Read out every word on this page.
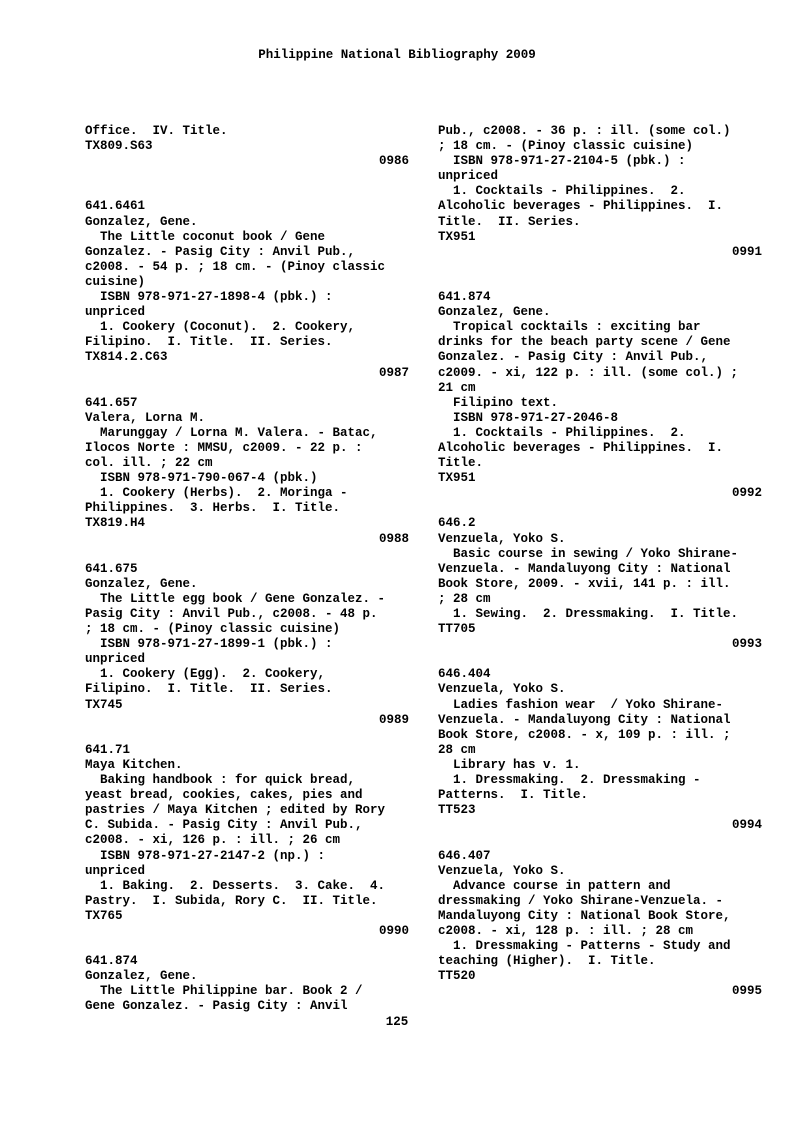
Philippine National Bibliography 2009
Office.  IV. Title.
TX809.S63
0986
641.6461
Gonzalez, Gene.
The Little coconut book / Gene
Gonzalez. - Pasig City : Anvil Pub.,
c2008. - 54 p. ; 18 cm. - (Pinoy classic
cuisine)
ISBN 978-971-27-1898-4 (pbk.) :
unpriced
1. Cookery (Coconut).  2. Cookery,
Filipino.  I. Title.  II. Series.
TX814.2.C63
0987
641.657
Valera, Lorna M.
Marunggay / Lorna M. Valera. - Batac,
Ilocos Norte : MMSU, c2009. - 22 p. :
col. ill. ; 22 cm
ISBN 978-971-790-067-4 (pbk.)
1. Cookery (Herbs).  2. Moringa -
Philippines.  3. Herbs.  I. Title.
TX819.H4
0988
641.675
Gonzalez, Gene.
The Little egg book / Gene Gonzalez. -
Pasig City : Anvil Pub., c2008. - 48 p.
; 18 cm. - (Pinoy classic cuisine)
ISBN 978-971-27-1899-1 (pbk.) :
unpriced
1. Cookery (Egg).  2. Cookery,
Filipino.  I. Title.  II. Series.
TX745
0989
641.71
Maya Kitchen.
Baking handbook : for quick bread,
yeast bread, cookies, cakes, pies and
pastries / Maya Kitchen ; edited by Rory
C. Subida. - Pasig City : Anvil Pub.,
c2008. - xi, 126 p. : ill. ; 26 cm
ISBN 978-971-27-2147-2 (np.) :
unpriced
1. Baking.  2. Desserts.  3. Cake.  4.
Pastry.  I. Subida, Rory C.  II. Title.
TX765
0990
641.874
Gonzalez, Gene.
The Little Philippine bar. Book 2 /
Gene Gonzalez. - Pasig City : Anvil
Pub., c2008. - 36 p. : ill. (some col.)
; 18 cm. - (Pinoy classic cuisine)
ISBN 978-971-27-2104-5 (pbk.) :
unpriced
1. Cocktails - Philippines.  2.
Alcoholic beverages - Philippines.  I.
Title.  II. Series.
TX951
0991
641.874
Gonzalez, Gene.
Tropical cocktails : exciting bar
drinks for the beach party scene / Gene
Gonzalez. - Pasig City : Anvil Pub.,
c2009. - xi, 122 p. : ill. (some col.) ;
21 cm
Filipino text.
ISBN 978-971-27-2046-8
1. Cocktails - Philippines.  2.
Alcoholic beverages - Philippines.  I.
Title.
TX951
0992
646.2
Venzuela, Yoko S.
Basic course in sewing / Yoko Shirane-
Venzuela. - Mandaluyong City : National
Book Store, 2009. - xvii, 141 p. : ill.
; 28 cm
1. Sewing.  2. Dressmaking.  I. Title.
TT705
0993
646.404
Venzuela, Yoko S.
Ladies fashion wear  / Yoko Shirane-
Venzuela. - Mandaluyong City : National
Book Store, c2008. - x, 109 p. : ill. ;
28 cm
Library has v. 1.
1. Dressmaking.  2. Dressmaking -
Patterns.  I. Title.
TT523
0994
646.407
Venzuela, Yoko S.
Advance course in pattern and
dressmaking / Yoko Shirane-Venzuela. -
Mandaluyong City : National Book Store,
c2008. - xi, 128 p. : ill. ; 28 cm
1. Dressmaking - Patterns - Study and
teaching (Higher).  I. Title.
TT520
0995
125
